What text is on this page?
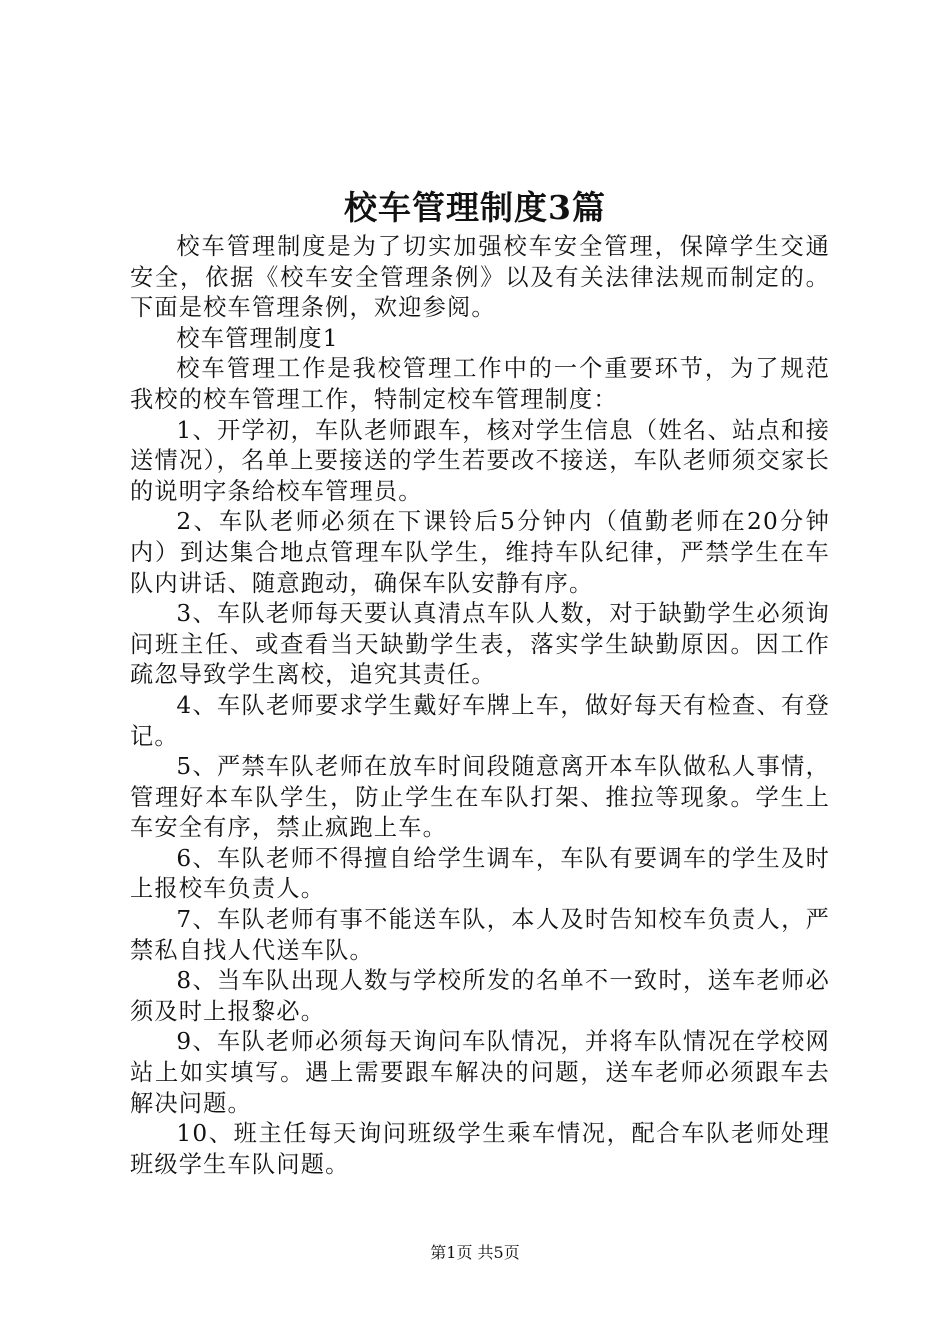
校车管理制度3篇

校车管理制度是为了切实加强校车安全管理，保障学生交通安全，依据《校车安全管理条例》以及有关法律法规而制定的。下面是校车管理条例，欢迎参阅。

校车管理制度1

校车管理工作是我校管理工作中的一个重要环节，为了规范我校的校车管理工作，特制定校车管理制度：

1、开学初，车队老师跟车，核对学生信息（姓名、站点和接送情况），名单上要接送的学生若要改不接送，车队老师须交家长的说明字条给校车管理员。

2、车队老师必须在下课铃后5分钟内（值勤老师在20分钟内）到达集合地点管理车队学生，维持车队纪律，严禁学生在车队内讲话、随意跑动，确保车队安静有序。

3、车队老师每天要认真清点车队人数，对于缺勤学生必须询问班主任、或查看当天缺勤学生表，落实学生缺勤原因。因工作疏忽导致学生离校，追究其责任。

4、车队老师要求学生戴好车牌上车，做好每天有检查、有登记。

5、严禁车队老师在放车时间段随意离开本车队做私人事情，管理好本车队学生，防止学生在车队打架、推拉等现象。学生上车安全有序，禁止疯跑上车。

6、车队老师不得擅自给学生调车，车队有要调车的学生及时上报校车负责人。

7、车队老师有事不能送车队，本人及时告知校车负责人，严禁私自找人代送车队。

8、当车队出现人数与学校所发的名单不一致时，送车老师必须及时上报黎必。

9、车队老师必须每天询问车队情况，并将车队情况在学校网站上如实填写。遇上需要跟车解决的问题，送车老师必须跟车去解决问题。

10、班主任每天询问班级学生乘车情况，配合车队老师处理班级学生车队问题。

第1页 共5页
